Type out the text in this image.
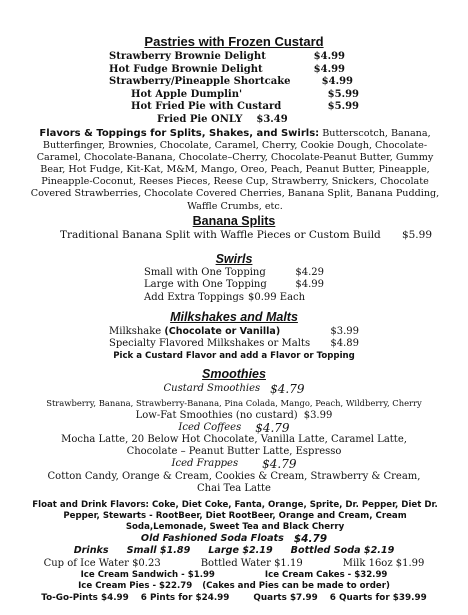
Pastries with Frozen Custard
Strawberry Brownie Delight	$4.99
Hot Fudge Brownie Delight	$4.99
Strawberry/Pineapple Shortcake	$4.99
Hot Apple Dumplin'	$5.99
Hot Fried Pie with Custard	$5.99
Fried Pie ONLY $3.49
Flavors & Toppings for Splits, Shakes, and Swirls: Butterscotch, Banana, Butterfinger, Brownies, Chocolate, Caramel, Cherry, Cookie Dough, Chocolate-Caramel, Chocolate-Banana, Chocolate–Cherry, Chocolate-Peanut Butter, Gummy Bear, Hot Fudge, Kit-Kat, M&M, Mango, Oreo, Peach, Peanut Butter, Pineapple, Pineapple-Coconut, Reeses Pieces, Reese Cup, Strawberry, Snickers, Chocolate Covered Strawberries, Chocolate Covered Cherries, Banana Split, Banana Pudding, Waffle Crumbs, etc.
Banana Splits
Traditional Banana Split with Waffle Pieces or Custom Build $5.99
Swirls
Small with One Topping	$4.29
Large with One Topping	$4.99
Add Extra Toppings $0.99 Each
Milkshakes and Malts
Milkshake (Chocolate or Vanilla)	$3.99
Specialty Flavored Milkshakes or Malts $4.89
Pick a Custard Flavor and add a Flavor or Topping
Smoothies
Custard Smoothies $4.79
Strawberry, Banana, Strawberry-Banana, Pina Colada, Mango, Peach, Wildberry, Cherry
Low-Fat Smoothies (no custard) $3.99
Iced Coffees $4.79
Mocha Latte, 20 Below Hot Chocolate, Vanilla Latte, Caramel Latte,
Chocolate – Peanut Butter Latte, Espresso
Iced Frappes $4.79
Cotton Candy, Orange & Cream, Cookies & Cream, Strawberry & Cream,
Chai Tea Latte
Float and Drink Flavors: Coke, Diet Coke, Fanta, Orange, Sprite, Dr. Pepper, Diet Dr. Pepper, Stewarts - RootBeer, Diet RootBeer, Orange and Cream, Cream Soda,Lemonade, Sweet Tea and Black Cherry
Old Fashioned Soda Floats $4.79
Drinks Small $1.89 Large $2.19 Bottled Soda $2.19
Cup of Ice Water $0.23	Bottled Water $1.19	Milk 16oz $1.99
Ice Cream Sandwich - $1.99	Ice Cream Cakes - $32.99
Ice Cream Pies - $22.79 (Cakes and Pies can be made to order)
To-Go-Pints $4.99 6 Pints for $24.99	Quarts $7.99 6 Quarts for $39.99
